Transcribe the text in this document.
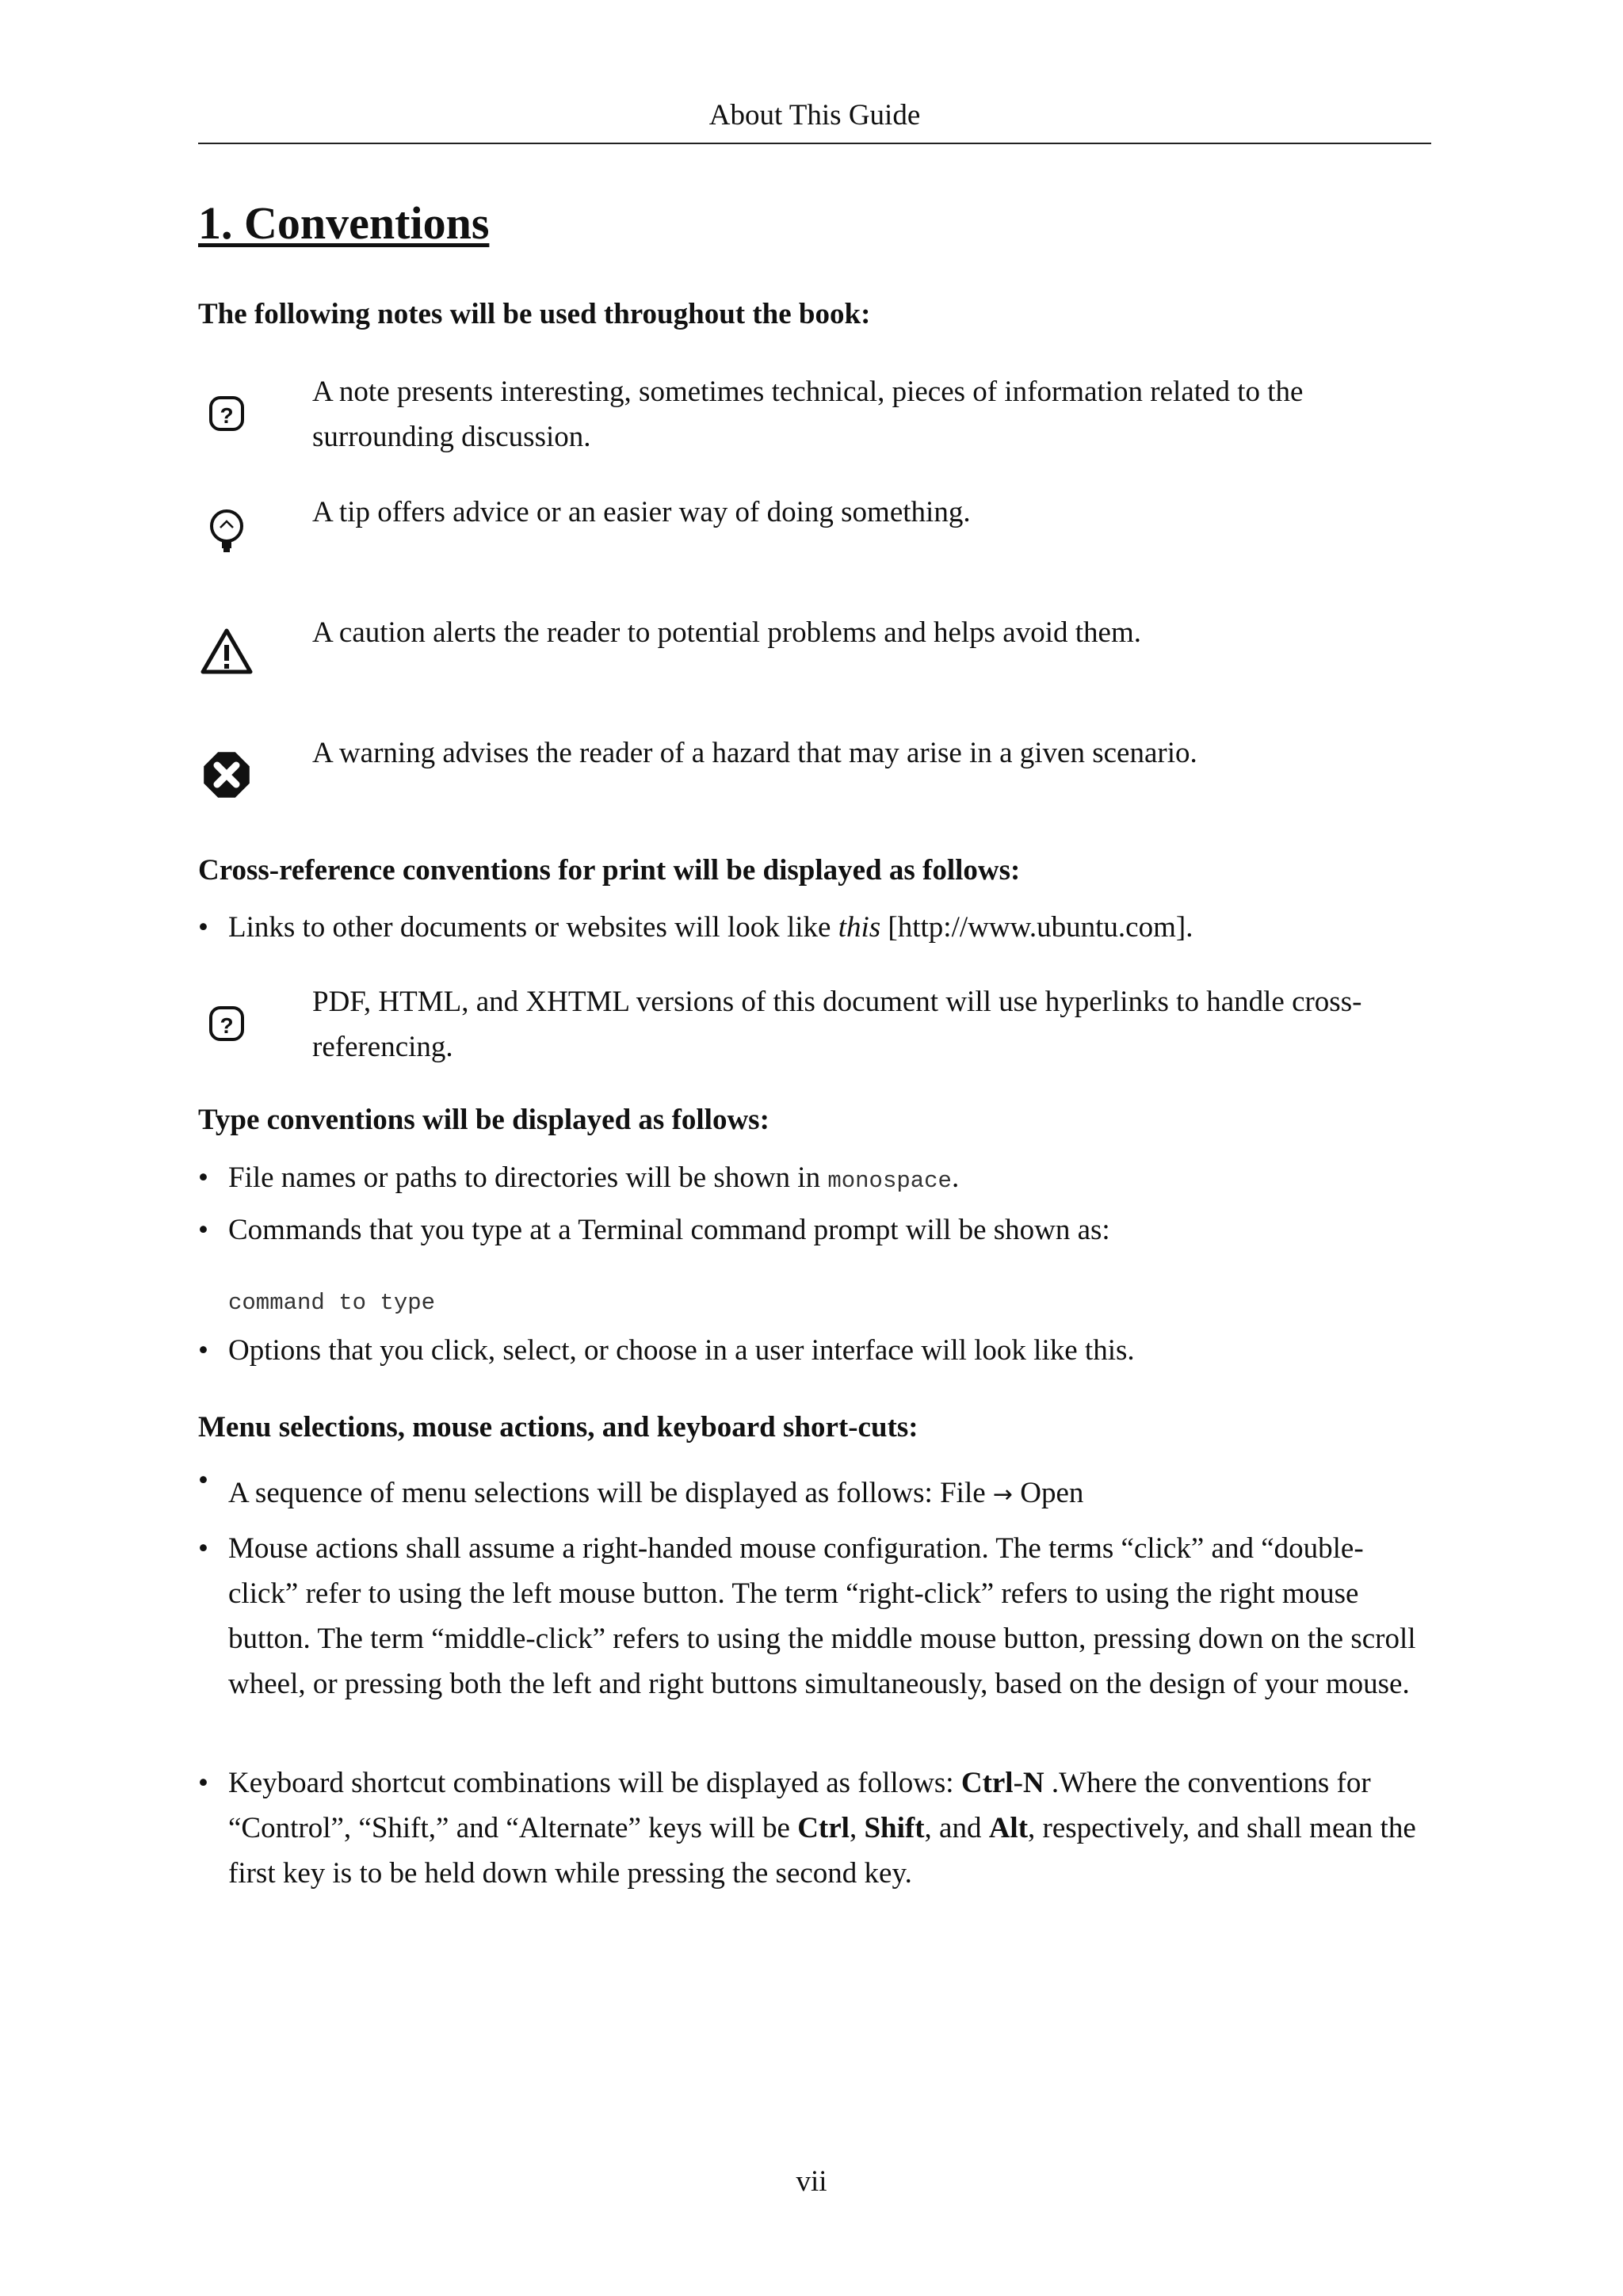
About This Guide
1. Conventions

The following notes will be used throughout the book:

?

A note presents interesting, sometimes technical, pieces of information related to the surrounding discussion.

A tip offers advice or an easier way of doing something.

A caution alerts the reader to potential problems and helps avoid them.

A warning advises the reader of a hazard that may arise in a given scenario.

Cross-reference conventions for print will be displayed as follows:

• Links to other documents or websites will look like this [http://www.ubuntu.com].

?

PDF, HTML, and XHTML versions of this document will use hyperlinks to handle cross-referencing.

Type conventions will be displayed as follows:

• File names or paths to directories will be shown in monospace.

• Commands that you type at a Terminal command prompt will be shown as:

command to type
• Options that you click, select, or choose in a user interface will look like this.

Menu selections, mouse actions, and keyboard short-cuts:

• A sequence of menu selections will be displayed as follows: File → Open

• Mouse actions shall assume a right-handed mouse configuration. The terms “click” and “double-click” refer to using the left mouse button. The term “right-click” refers to using the right mouse button. The term “middle-click” refers to using the middle mouse button, pressing down on the scroll wheel, or pressing both the left and right buttons simultaneously, based on the design of your mouse.

• Keyboard shortcut combinations will be displayed as follows: Ctrl-N .Where the conventions for “Control”, “Shift,” and “Alternate” keys will be Ctrl, Shift, and Alt, respectively, and shall mean the first key is to be held down while pressing the second key.

vii
